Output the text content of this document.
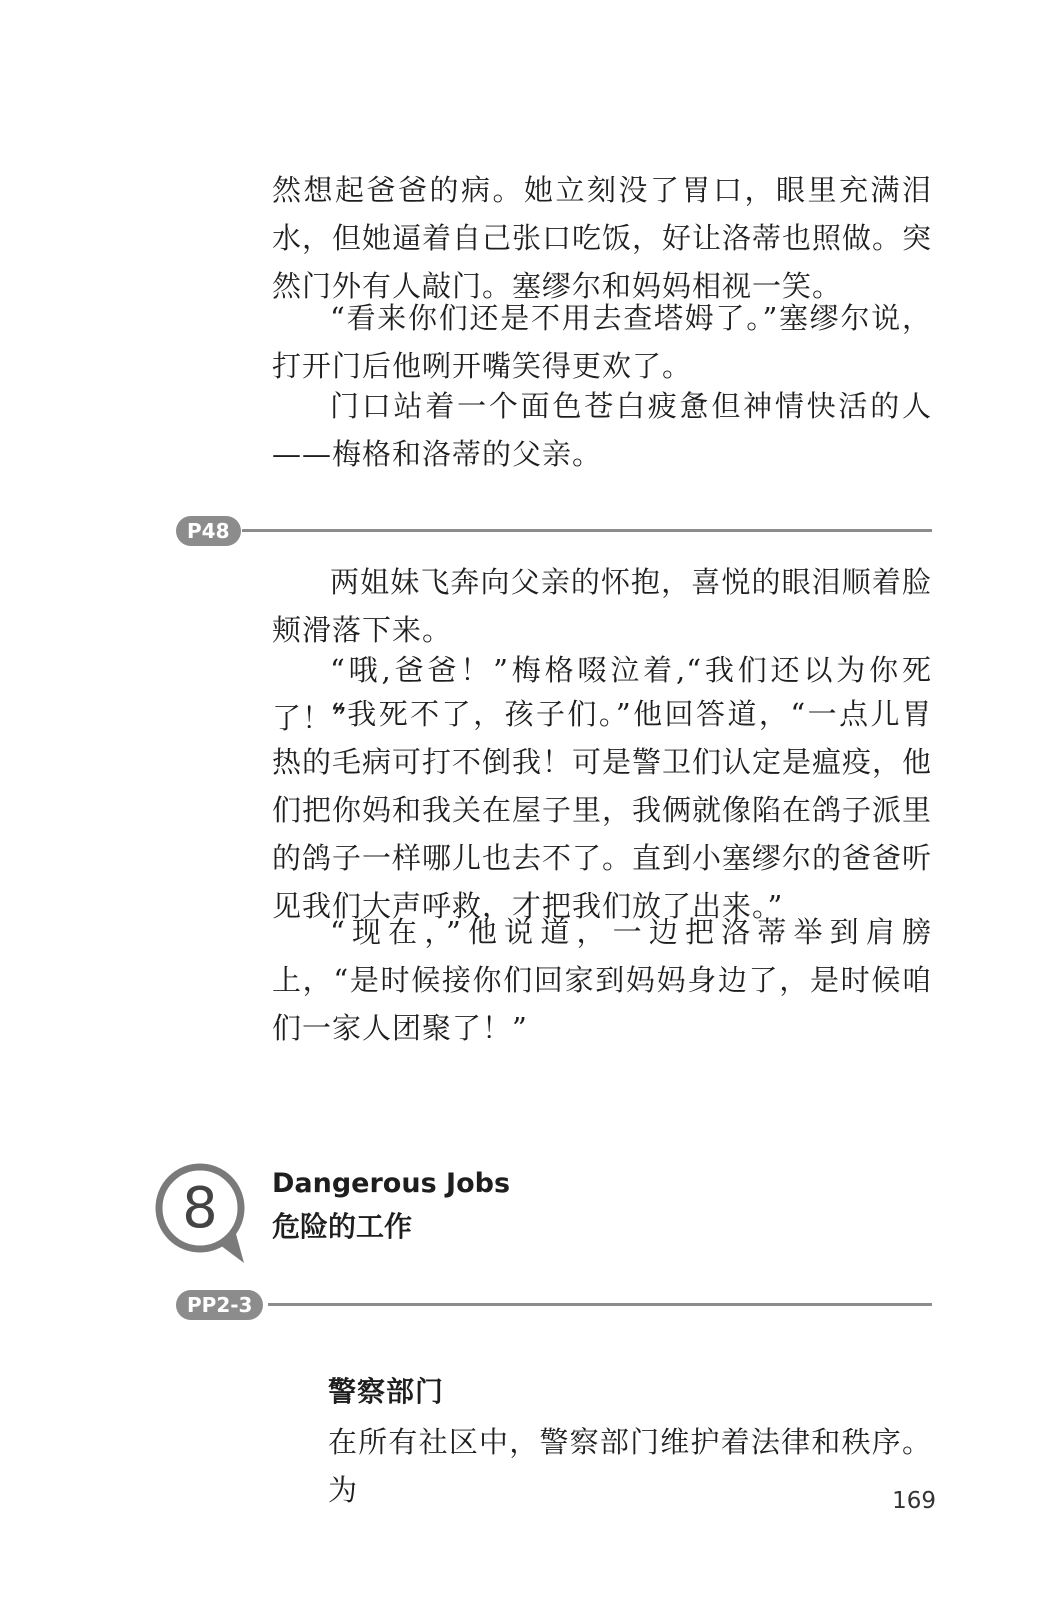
然想起爸爸的病。她立刻没了胃口，眼里充满泪水，但她逼着自己张口吃饭，好让洛蒂也照做。突然门外有人敲门。塞缪尔和妈妈相视一笑。

“看来你们还是不用去查塔姆了。”塞缪尔说，打开门后他咧开嘴笑得更欢了。

门口站着一个面色苍白疲惫但神情快活的人——梅格和洛蒂的父亲。

P48

两姐妹飞奔向父亲的怀抱，喜悦的眼泪顺着脸颊滑落下来。

“哦,爸爸！”梅格啜泣着,“我们还以为你死了！”

“我死不了，孩子们。”他回答道，“一点儿胃热的毛病可打不倒我！可是警卫们认定是瘟疫，他们把你妈和我关在屋子里，我俩就像陷在鸽子派里的鸽子一样哪儿也去不了。直到小塞缪尔的爸爸听见我们大声呼救，才把我们放了出来。”

“现在，”他说道，一边把洛蒂举到肩膀上，“是时候接你们回家到妈妈身边了，是时候咱们一家人团聚了！”

8 Dangerous Jobs
危险的工作
PP2-3
警察部门

在所有社区中，警察部门维护着法律和秩序。为	169
